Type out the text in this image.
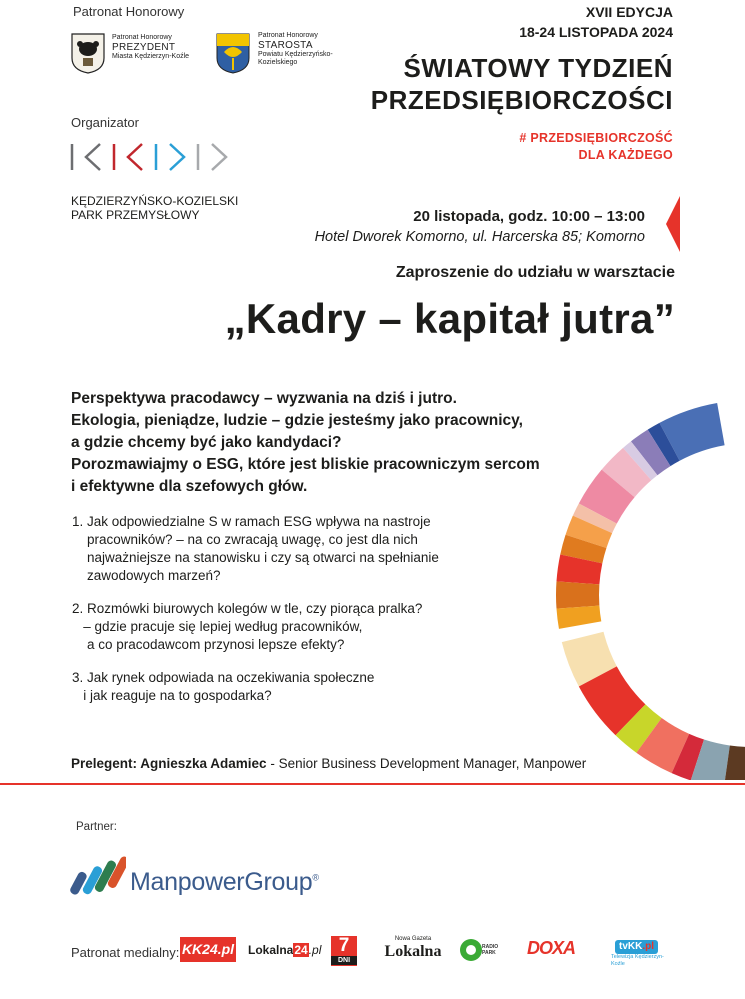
Patronat Honorowy
Patronat Honorowy
PREZYDENT
Miasta Kędzierzyn-Koźle
Patronat Honorowy
STAROSTA
Powiatu Kędzierzyńsko-
Kozielskiego
Organizator
KĘDZIERZYŃSKO-KOZIELSKI
PARK PRZEMYSŁOWY
XVII EDYCJA
18-24 LISTOPADA 2024
ŚWIATOWY TYDZIEŃ
PRZEDSIĘBIORCZOŚCI
# PRZEDSIĘBIORCZOŚĆ
DLA KAŻDEGO
20 listopada, godz. 10:00 – 13:00
Hotel Dworek Komorno, ul. Harcerska 85; Komorno
Zaproszenie do udziału w warsztacie
„Kadry – kapitał jutra”
Perspektywa pracodawcy – wyzwania na dziś i jutro.
Ekologia, pieniądze, ludzie – gdzie jesteśmy jako pracownicy,
a gdzie chcemy być jako kandydaci?
Porozmawiajmy o ESG, które jest bliskie pracowniczym sercom
i efektywne dla szefowych głów.
1. Jak odpowiedzialne S w ramach ESG wpływa na nastroje
pracowników? – na co zwracają uwagę, co jest dla nich
najważniejsze na stanowisku i czy są otwarci na spełnianie
zawodowych marzeń?
2. Rozmówki biurowych kolegów w tle, czy piorąca pralka?
– gdzie pracuje się lepiej według pracowników,
a co pracodawcom przynosi lepsze efekty?
3. Jak rynek odpowiada na oczekiwania społeczne
i jak reaguje na to gospodarka?
Prelegent: Agnieszka Adamiec - Senior Business Development Manager, Manpower
Partner:
ManpowerGroup®
Patronat medialny: KK24.pl Lokalna24.pl 7
DNI
Nowa Gazeta
Lokalna	RADIO PARK DOXA	tvKK.pl
Telewizja Kędzierzyn-Koźle
